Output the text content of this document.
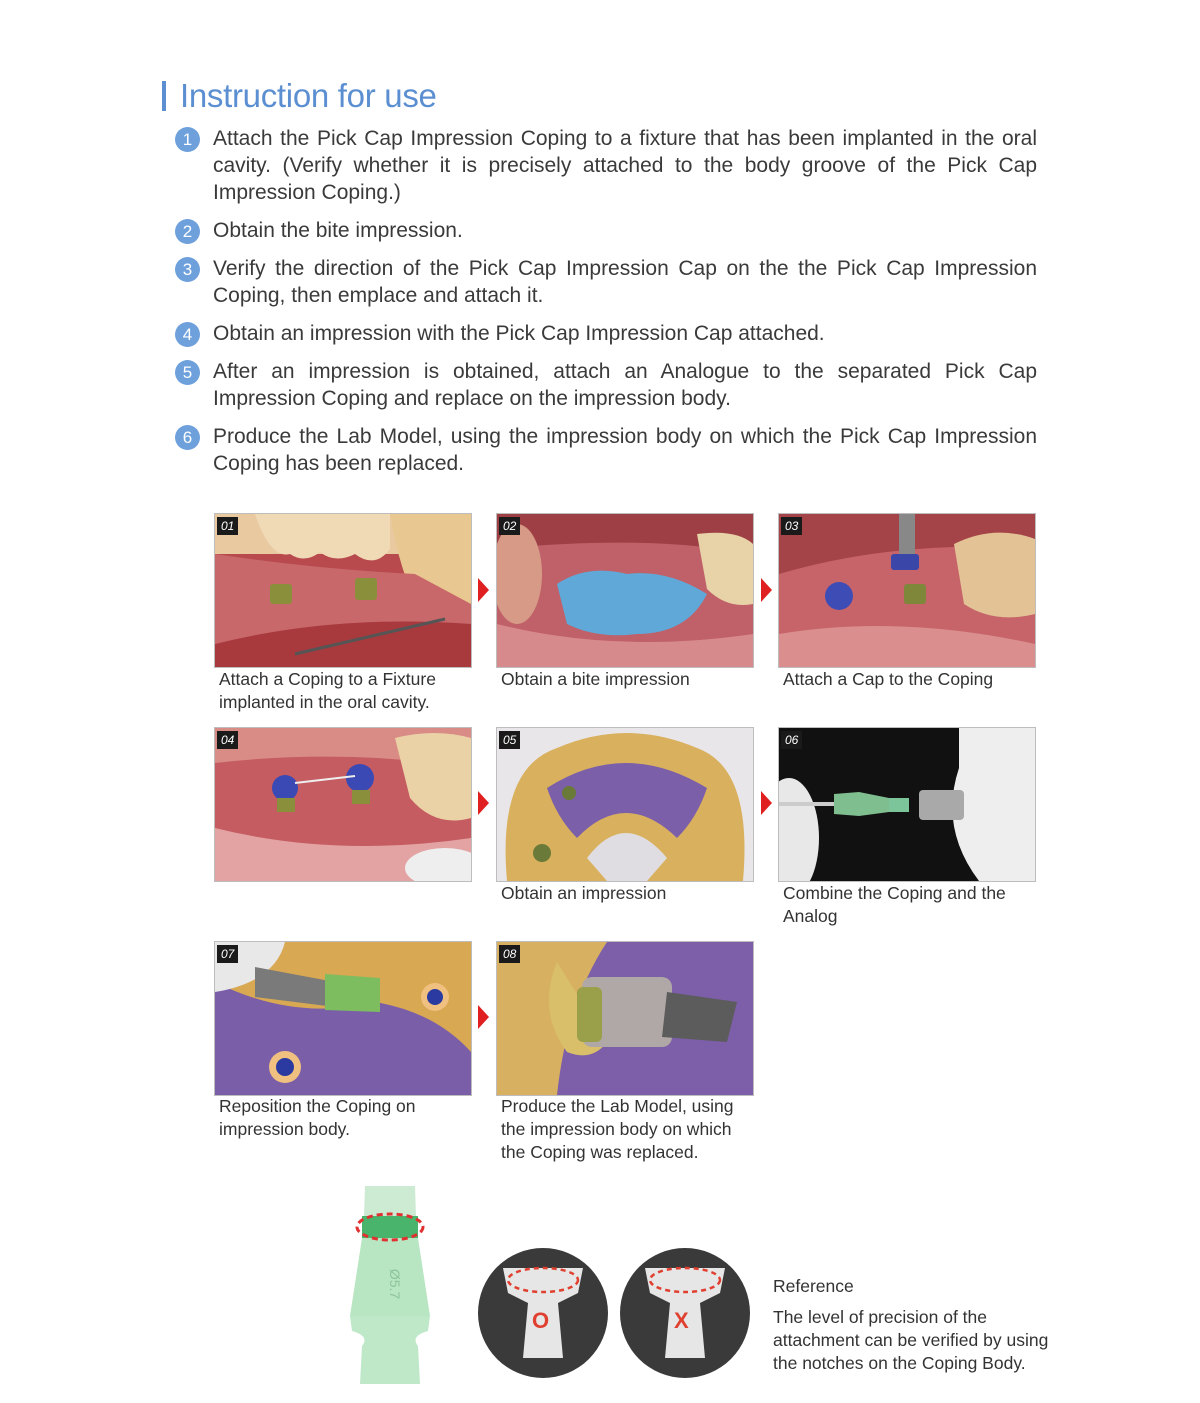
Instruction for use
1 Attach the Pick Cap Impression Coping to a fixture that has been implanted in the oral cavity. (Verify whether it is precisely attached to the body groove of the Pick Cap Impression Coping.)
2 Obtain the bite impression.
3 Verify the direction of the Pick Cap Impression Cap on the the Pick Cap Impression Coping, then emplace and attach it.
4 Obtain an impression with the Pick Cap Impression Cap attached.
5 After an impression is obtained, attach an Analogue to the separated Pick Cap Impression Coping and replace on the impression body.
6 Produce the Lab Model, using the impression body on which the Pick Cap Impression Coping has been replaced.
01	02	03
Attach a Coping to a Fixture implanted in the oral cavity.
Obtain a bite impression	Attach a Cap to the Coping
04	05	06
Obtain an impression	Combine the Coping and the Analog
07	08
Reposition the Coping on impression body.
Produce the Lab Model, using the impression body on which the Coping was replaced.
Ø5.7
O	X
Reference
The level of precision of the attachment can be verified by using the notches on the Coping Body.
